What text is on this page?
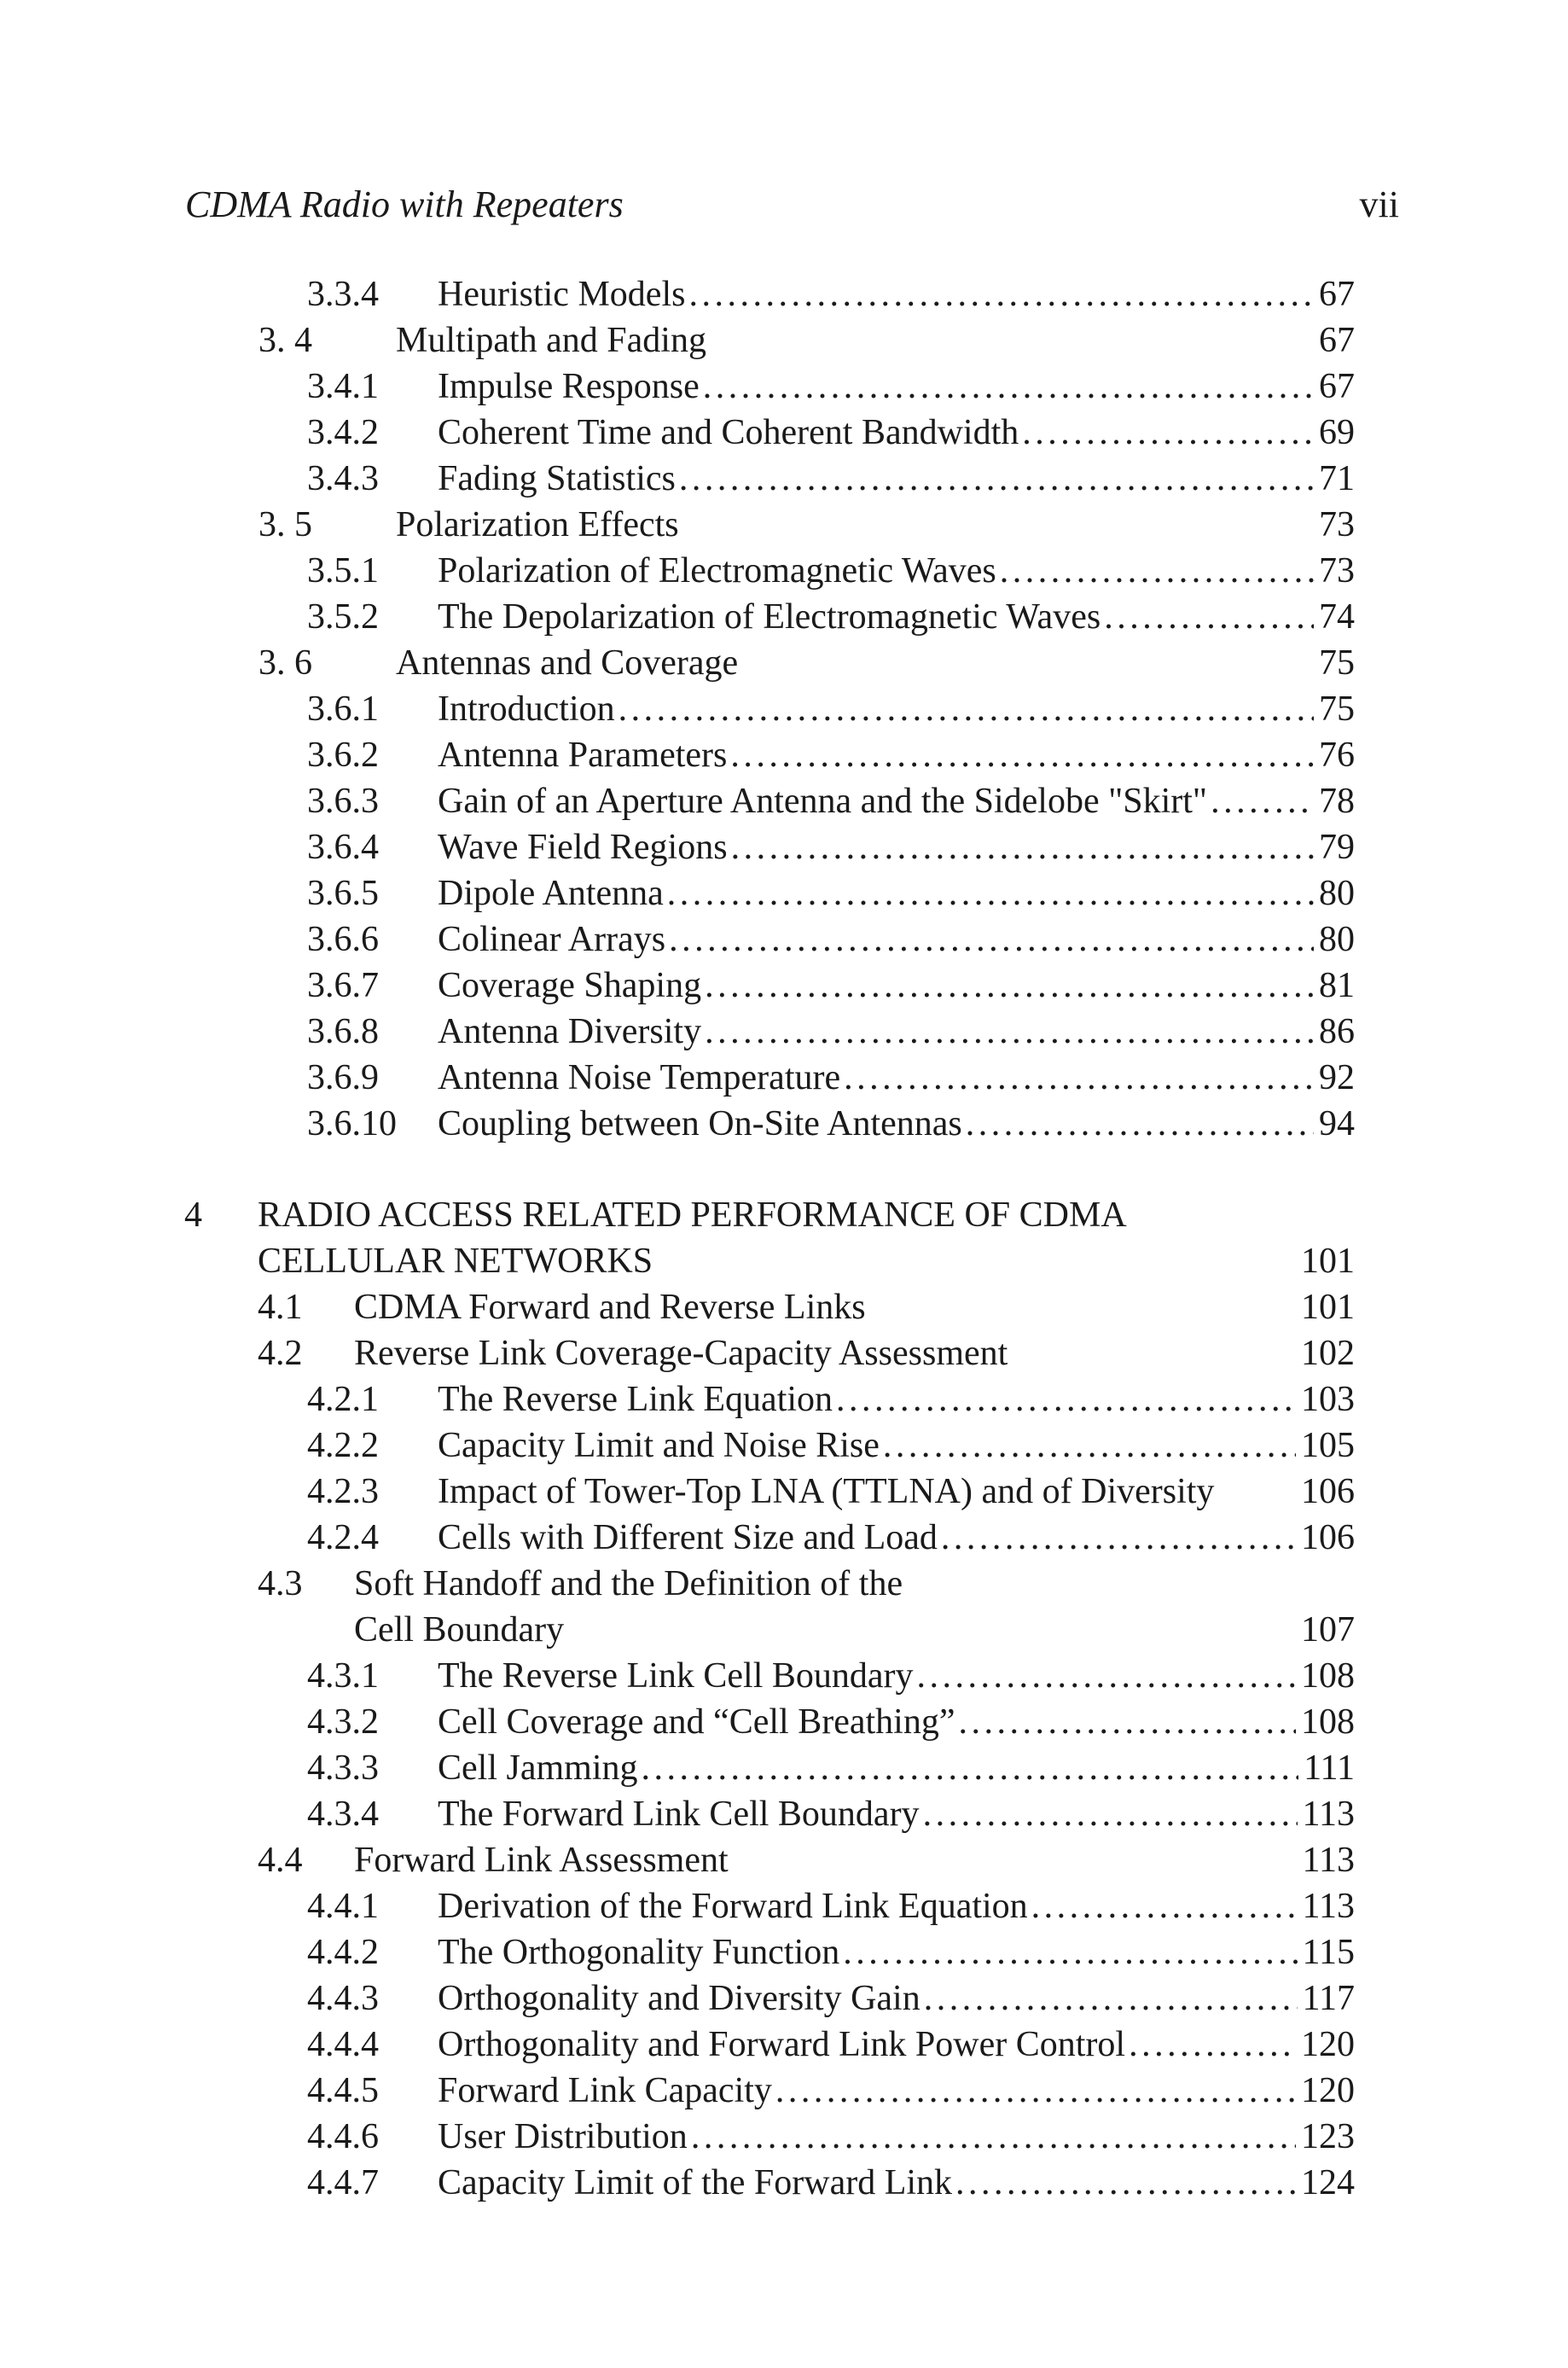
CDMA Radio with Repeaters	vii
3.3.4 Heuristic Models . . .	67
3. 4 Multipath and Fading	67
3.4.1 Impulse Response . . .	67
3.4.2 Coherent Time and Coherent Bandwidth . . .	69
3.4.3 Fading Statistics . . .	71
3. 5 Polarization Effects	73
3.5.1 Polarization of Electromagnetic Waves . . .	73
3.5.2 The Depolarization of Electromagnetic Waves . . .	74
3. 6 Antennas and Coverage	75
3.6.1 Introduction . . .	75
3.6.2 Antenna Parameters . . .	76
3.6.3 Gain of an Aperture Antenna and the Sidelobe "Skirt" . . .	78
3.6.4 Wave Field Regions . . .	79
3.6.5 Dipole Antenna . . .	80
3.6.6 Colinear Arrays . . .	80
3.6.7 Coverage Shaping . . .	81
3.6.8 Antenna Diversity . . .	86
3.6.9 Antenna Noise Temperature . . .	92
3.6.10 Coupling between On-Site Antennas . . .	94
4 RADIO ACCESS RELATED PERFORMANCE OF CDMA
CELLULAR NETWORKS	101
4.1 CDMA Forward and Reverse Links	101
4.2 Reverse Link Coverage-Capacity Assessment	102
4.2.1 The Reverse Link Equation . . .	103
4.2.2 Capacity Limit and Noise Rise . . .	105
4.2.3 Impact of Tower-Top LNA (TTLNA) and of Diversity 106
4.2.4 Cells with Different Size and Load . . .	106
4.3 Soft Handoff and the Definition of the
Cell Boundary	107
4.3.1 The Reverse Link Cell Boundary . . .	108
4.3.2 Cell Coverage and “Cell Breathing” . . .	108
4.3.3 Cell Jamming . . .	111
4.3.4 The Forward Link Cell Boundary . . .	113
4.4 Forward Link Assessment	113
4.4.1 Derivation of the Forward Link Equation . . .	113
4.4.2 The Orthogonality Function . . .	115
4.4.3 Orthogonality and Diversity Gain . . .	117
4.4.4 Orthogonality and Forward Link Power Control . . .	120
4.4.5 Forward Link Capacity . . .	120
4.4.6 User Distribution . . .	123
4.4.7 Capacity Limit of the Forward Link . . .	124
